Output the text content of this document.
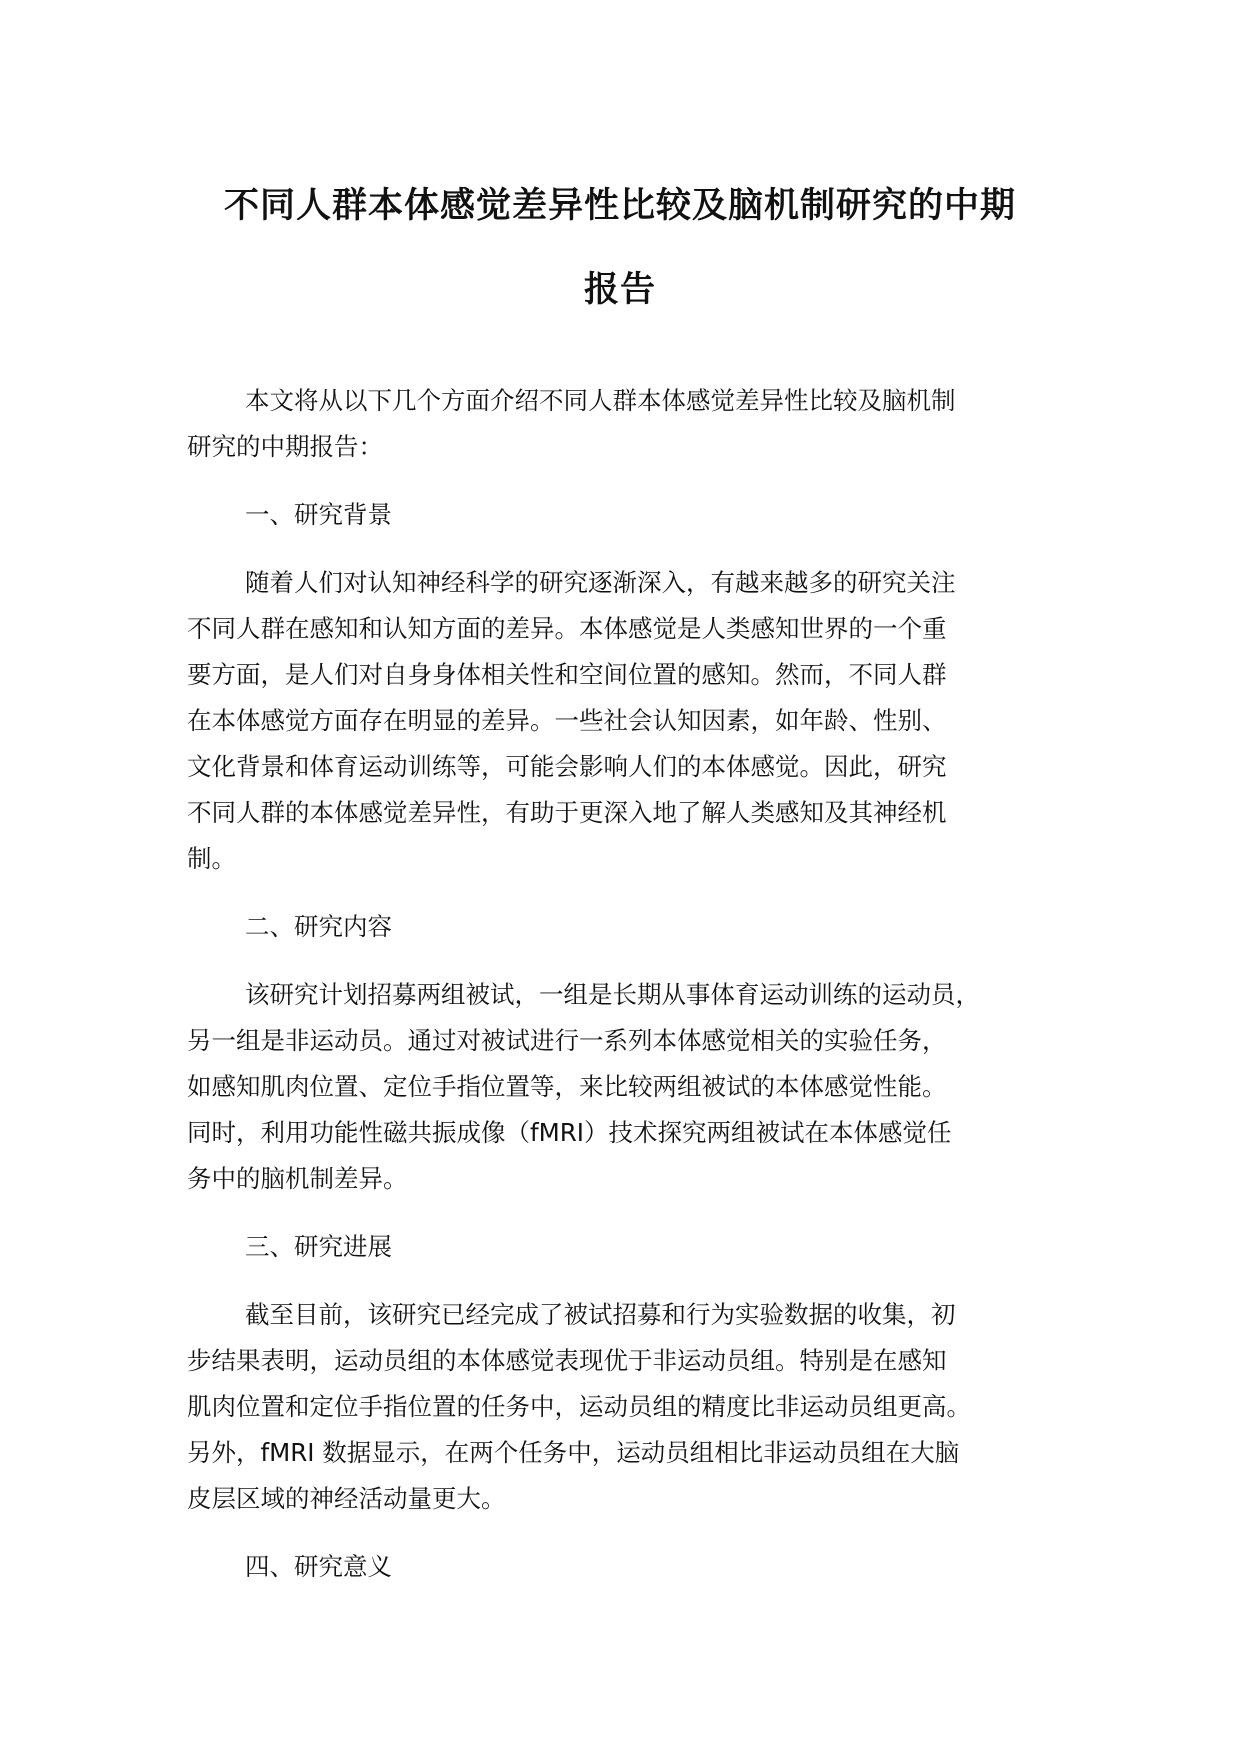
不同人群本体感觉差异性比较及脑机制研究的中期
报告
本文将从以下几个方面介绍不同人群本体感觉差异性比较及脑机制
研究的中期报告：
一、研究背景
随着人们对认知神经科学的研究逐渐深入，有越来越多的研究关注
不同人群在感知和认知方面的差异。本体感觉是人类感知世界的一个重
要方面，是人们对自身身体相关性和空间位置的感知。然而，不同人群
在本体感觉方面存在明显的差异。一些社会认知因素，如年龄、性别、
文化背景和体育运动训练等，可能会影响人们的本体感觉。因此，研究
不同人群的本体感觉差异性，有助于更深入地了解人类感知及其神经机
制。
二、研究内容
该研究计划招募两组被试，一组是长期从事体育运动训练的运动员，
另一组是非运动员。通过对被试进行一系列本体感觉相关的实验任务，
如感知肌肉位置、定位手指位置等，来比较两组被试的本体感觉性能。
同时，利用功能性磁共振成像（fMRI）技术探究两组被试在本体感觉任
务中的脑机制差异。
三、研究进展
截至目前，该研究已经完成了被试招募和行为实验数据的收集，初
步结果表明，运动员组的本体感觉表现优于非运动员组。特别是在感知
肌肉位置和定位手指位置的任务中，运动员组的精度比非运动员组更高。
另外，fMRI 数据显示，在两个任务中，运动员组相比非运动员组在大脑
皮层区域的神经活动量更大。
四、研究意义
